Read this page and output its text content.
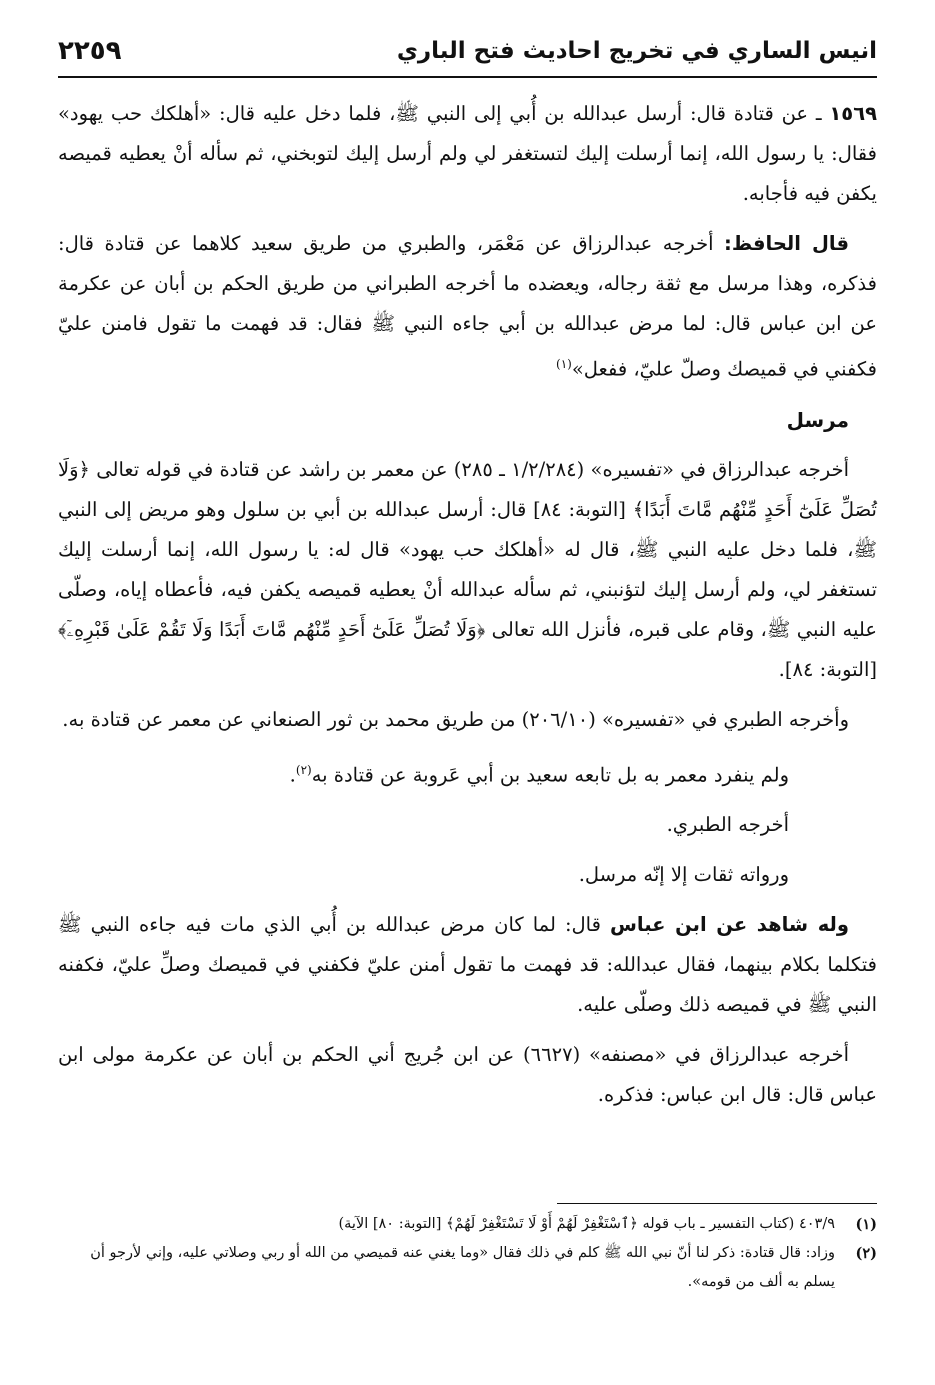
٢٢٥٩	انيس الساري في تخريج احاديث فتح الباري

١٥٦٩ ـ عن قتادة قال: أرسل عبدالله بن أُبي إلى النبي ﷺ، فلما دخل عليه قال: «أهلكك حب يهود» فقال: يا رسول الله، إنما أرسلت إليك لتستغفر لي ولم أرسل إليك لتوبخني، ثم سأله أنْ يعطيه قميصه يكفن فيه فأجابه.

قال الحافظ: أخرجه عبدالرزاق عن مَعْمَر، والطبري من طريق سعيد كلاهما عن قتادة قال: فذكره، وهذا مرسل مع ثقة رجاله، ويعضده ما أخرجه الطبراني من طريق الحكم بن أبان عن عكرمة عن ابن عباس قال: لما مرض عبدالله بن أبي جاءه النبي ﷺ فقال: قد فهمت ما تقول فامنن عليّ فكفني في قميصك وصلّ عليّ، ففعل»$^{(١)}$

مرسل

أخرجه عبدالرزاق في «تفسيره» (١/٢/٢٨٤ ـ ٢٨٥) عن معمر بن راشد عن قتادة في قوله تعالى ﴿وَلَا تُصَلِّ عَلَىٰٓ أَحَدٍ مِّنْهُم مَّاتَ أَبَدًا﴾ [التوبة: ٨٤] قال: أرسل عبدالله بن أبي بن سلول وهو مريض إلى النبي ﷺ، فلما دخل عليه النبي ﷺ، قال له «أهلكك حب يهود» قال له: يا رسول الله، إنما أرسلت إليك تستغفر لي، ولم أرسل إليك لتؤنبني، ثم سأله عبدالله أنْ يعطيه قميصه يكفن فيه، فأعطاه إياه، وصلّى عليه النبي ﷺ، وقام على قبره، فأنزل الله تعالى ﴿وَلَا تُصَلِّ عَلَىٰٓ أَحَدٍ مِّنْهُم مَّاتَ أَبَدًا وَلَا تَقُمْ عَلَىٰ قَبْرِهِۦٓ﴾ [التوبة: ٨٤].

وأخرجه الطبري في «تفسيره» (٢٠٦/١٠) من طريق محمد بن ثور الصنعاني عن معمر عن قتادة به.

ولم ينفرد معمر به بل تابعه سعيد بن أبي عَروبة عن قتادة به$^{(٢)}$.

أخرجه الطبري.

ورواته ثقات إلا إنّه مرسل.

وله شاهد عن ابن عباس قال: لما كان مرض عبدالله بن أُبي الذي مات فيه جاءه النبي ﷺ فتكلما بكلام بينهما، فقال عبدالله: قد فهمت ما تقول أمنن عليّ فكفني في قميصك وصلِّ عليّ، فكفنه النبي ﷺ في قميصه ذلك وصلّى عليه.

أخرجه عبدالرزاق في «مصنفه» (٦٦٢٧) عن ابن جُريج أني الحكم بن أبان عن عكرمة مولى ابن عباس قال: قال ابن عباس: فذكره.

(١)
٤٠٣/٩ (كتاب التفسير ـ باب قوله ﴿ٱسْتَغْفِرْ لَهُمْ أَوْ لَا تَسْتَغْفِرْ لَهُمْ﴾ [التوبة: ٨٠] الآية)
(٢)
وزاد: قال قتادة: ذكر لنا أنّ نبي الله ﷺ كلم في ذلك فقال «وما يغني عنه قميصي من الله أو ربي وصلاتي عليه، وإني لأرجو أن يسلم به ألف من قومه».
